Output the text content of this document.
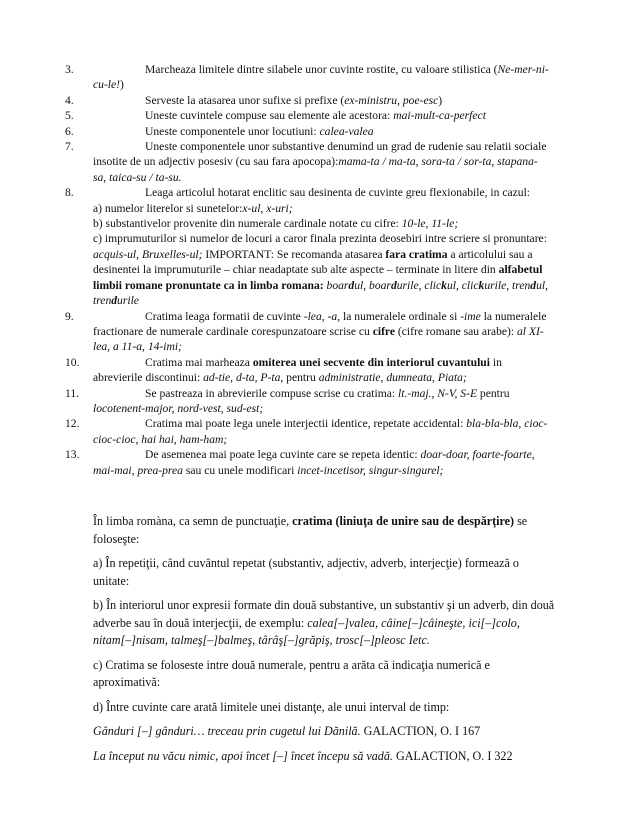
3.	Marcheaza limitele dintre silabele unor cuvinte rostite, cu valoare stilistica (Ne-mer-ni-cu-le!)
4.	Serveste la atasarea unor sufixe si prefixe (ex-ministru, poe-esc)
5.	Uneste cuvintele compuse sau elemente ale acestora: mai-mult-ca-perfect
6.	Uneste componentele unor locutiuni: calea-valea
7.	Uneste componentele unor substantive denumind un grad de rudenie sau relatii sociale insotite de un adjectiv posesiv (cu sau fara apocopa):mama-ta / ma-ta, sora-ta / sor-ta, stapana-sa, taica-su / ta-su.
8.	Leaga articolul hotarat enclitic sau desinenta de cuvinte greu flexionabile, in cazul:
a) numelor literelor si sunetelor:x-ul, x-uri;
b) substantivelor provenite din numerale cardinale notate cu cifre: 10-le, 11-le;
c) imprumuturilor si numelor de locuri a caror finala prezinta deosebiri intre scriere si pronuntare: acquis-ul, Bruxelles-ul; IMPORTANT: Se recomanda atasarea fara cratima a articolului sau a desinentei la imprumuturile – chiar neadaptate sub alte aspecte – terminate in litere din alfabetul limbii romane pronuntate ca in limba romana: boardul, boardurile, clickul, clickurile, trendul, trendurile
9.	Cratima leaga formatii de cuvinte -lea, -a, la numeralele ordinale si -ime la numeralele fractionare de numerale cardinale corespunzatoare scrise cu cifre (cifre romane sau arabe): al XI-lea, a 11-a, 14-imi;
10.	Cratima mai marheaza omiterea unei secvente din interiorul cuvantului in abrevierile discontinui: ad-tie, d-ta, P-ta, pentru administratie, dumneata, Piata;
11.	Se pastreaza in abrevierile compuse scrise cu cratima: lt.-maj., N-V, S-E pentru locotenent-major, nord-vest, sud-est;
12.	Cratima mai poate lega unele interjectii identice, repetate accidental: bla-bla-bla, cioc-cioc-cioc, hai hai, ham-ham;
13.	De asemenea mai poate lega cuvinte care se repeta identic: doar-doar, foarte-foarte, mai-mai, prea-prea sau cu unele modificari incet-incetisor, singur-singurel;

În limba romàna, ca semn de punctuaţie, cratima (liniuţa de unire sau de despărţire) se foloseşte:

a) În repetiţii, când cuvântul repetat (substantiv, adjectiv, adverb, interjecţie) formează o unitate:

b) În interiorul unor expresii formate din două substantive, un substantiv şi un adverb, din două adverbe sau în două interjecţii, de exemplu: calea[–]valea, câine[–]câineşte, ici[–]colo, nitam[–]nisam, talmeş[–]balmeş, târâş[–]grăpiş, trosc[–]pleosc Ietc.

c) Cratima se foloseste intre două numerale, pentru a arăta că indicaţia numerică e aproximativă:

d) Între cuvinte care arată limitele unei distanţe, ale unui interval de timp:

Gânduri [–] gânduri… treceau prin cugetul lui Dănilă. GALACTION, O. I 167

La început nu văcu nimic, apoi încet [–] încet începu să vadă. GALACTION, O. I 322
